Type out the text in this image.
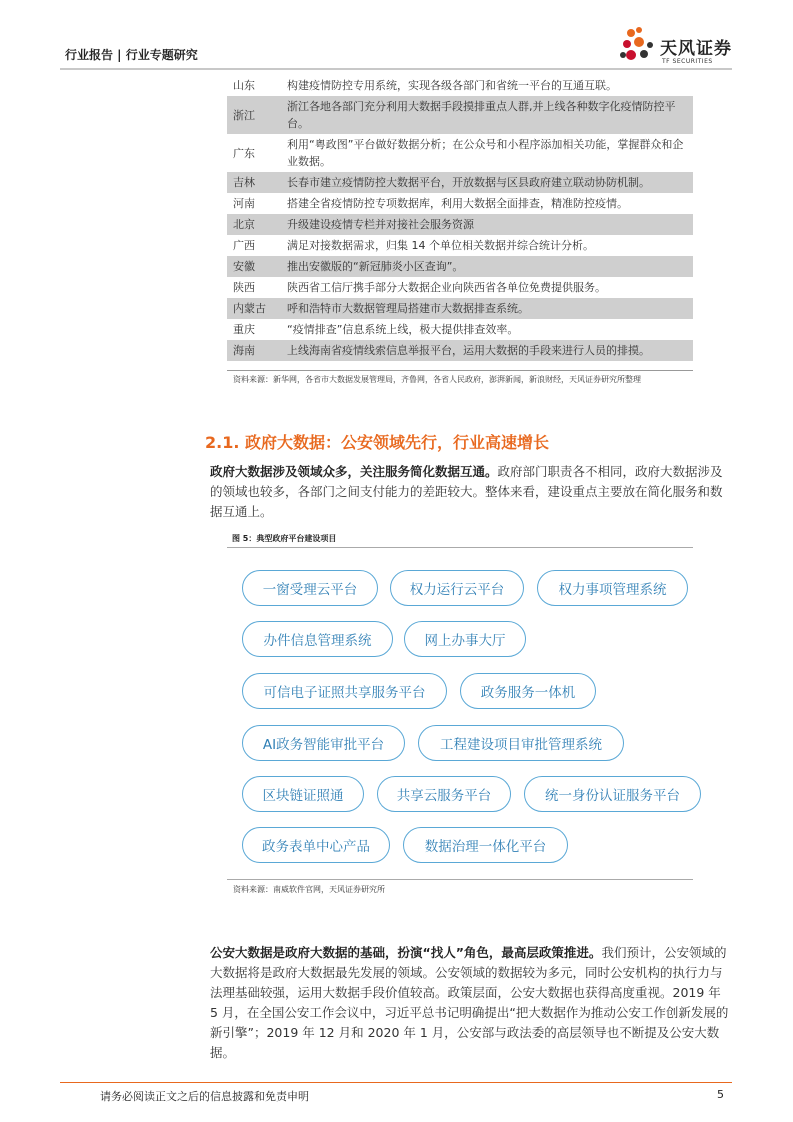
行业报告 | 行业专题研究	天风证券
TF SECURITIES
山东	构建疫情防控专用系统，实现各级各部门和省统一平台的互通互联。
浙江	浙江各地各部门充分利用大数据手段摸排重点人群,并上线各种数字化疫情防控平台。
广东	利用“粤政图”平台做好数据分析；在公众号和小程序添加相关功能，掌握群众和企业数据。
吉林	长春市建立疫情防控大数据平台，开放数据与区县政府建立联动协防机制。
河南	搭建全省疫情防控专项数据库，利用大数据全面排查，精准防控疫情。
北京	升级建设疫情专栏并对接社会服务资源
广西	满足对接数据需求，归集 14 个单位相关数据并综合统计分析。
安徽	推出安徽版的“新冠肺炎小区查询”。
陕西	陕西省工信厅携手部分大数据企业向陕西省各单位免费提供服务。
内蒙古	呼和浩特市大数据管理局搭建市大数据排查系统。
重庆	“疫情排查”信息系统上线，极大提供排查效率。
海南	上线海南省疫情线索信息举报平台，运用大数据的手段来进行人员的排摸。
资料来源：新华网，各省市大数据发展管理局，齐鲁网，各省人民政府，澎湃新闻，新浪财经，天风证券研究所整理
2.1. 政府大数据：公安领域先行，行业高速增长
政府大数据涉及领域众多，关注服务简化数据互通。政府部门职责各不相同，政府大数据涉及的领域也较多，各部门之间支付能力的差距较大。整体来看，建设重点主要放在简化服务和数据互通上。
图 5：典型政府平台建设项目
一窗受理云平台	权力运行云平台	权力事项管理系统
办件信息管理系统	网上办事大厅
可信电子证照共享服务平台	政务服务一体机
AI政务智能审批平台	工程建设项目审批管理系统
区块链证照通	共享云服务平台	统一身份认证服务平台
政务表单中心产品	数据治理一体化平台
资料来源：南威软件官网，天风证券研究所
公安大数据是政府大数据的基础，扮演“找人”角色，最高层政策推进。我们预计，公安领域的大数据将是政府大数据最先发展的领域。公安领域的数据较为多元，同时公安机构的执行力与法理基础较强，运用大数据手段价值较高。政策层面，公安大数据也获得高度重视。2019 年 5 月，在全国公安工作会议中，习近平总书记明确提出“把大数据作为推动公安工作创新发展的新引擎”；2019 年 12 月和 2020 年 1 月，公安部与政法委的高层领导也不断提及公安大数据。
请务必阅读正文之后的信息披露和免责申明	5
